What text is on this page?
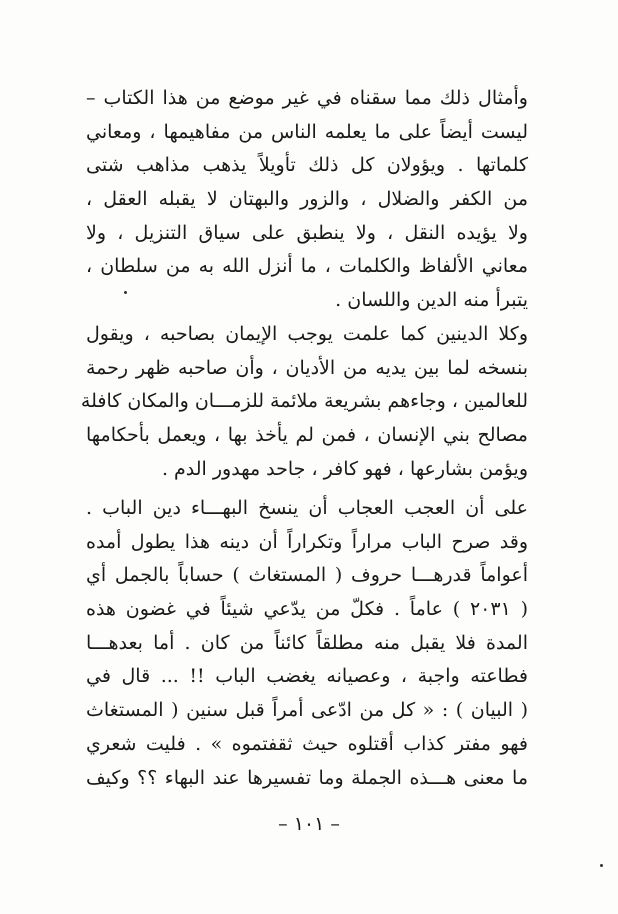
وأمثال ذلك مما سقناه في غير موضع من هذا الكتاب –
ليست أيضاً على ما يعلمه الناس من مفاهيمها ، ومعاني
كلماتها . ويؤولان كل ذلك تأويلاً يذهب مذاهب شتى
من الكفر والضلال ، والزور والبهتان لا يقبله العقل ،
ولا يؤيده النقل ، ولا ينطبق على سياق التنزيل ، ولا
معاني الألفاظ والكلمات ، ما أنزل الله به من سلطان ،
يتبرأ منه الدين واللسان .
وكلا الدينين كما علمت يوجب الإيمان بصاحبه ، ويقول
بنسخه لما بين يديه من الأديان ، وأن صاحبه ظهر رحمة
للعالمين ، وجاءهم بشريعة ملائمة للزمـــان والمكان كافلة
مصالح بني الإنسان ، فمن لم يأخذ بها ، ويعمل بأحكامها
ويؤمن بشارعها ، فهو كافر ، جاحد مهدور الدم .
على أن العجب العجاب أن ينسخ البهـــاء دين الباب .
وقد صرح الباب مراراً وتكراراً أن دينه هذا يطول أمده
أعواماً قدرهـــا حروف ( المستغاث ) حساباً بالجمل أي
( ٢٠٣١ ) عاماً . فكلّ من يدّعي شيئاً في غضون هذه
المدة فلا يقبل منه مطلقاً كائناً من كان . أما بعدهـــا
فطاعته واجبة ، وعصيانه يغضب الباب !! ... قال في
( البيان ) : « كل من ادّعى أمراً قبل سنين ( المستغاث
فهو مفتر كذاب أقتلوه حيث ثقفتموه » . فليت شعري
ما معنى هـــذه الجملة وما تفسيرها عند البهاء ؟؟ وكيف
– ١٠١ –
